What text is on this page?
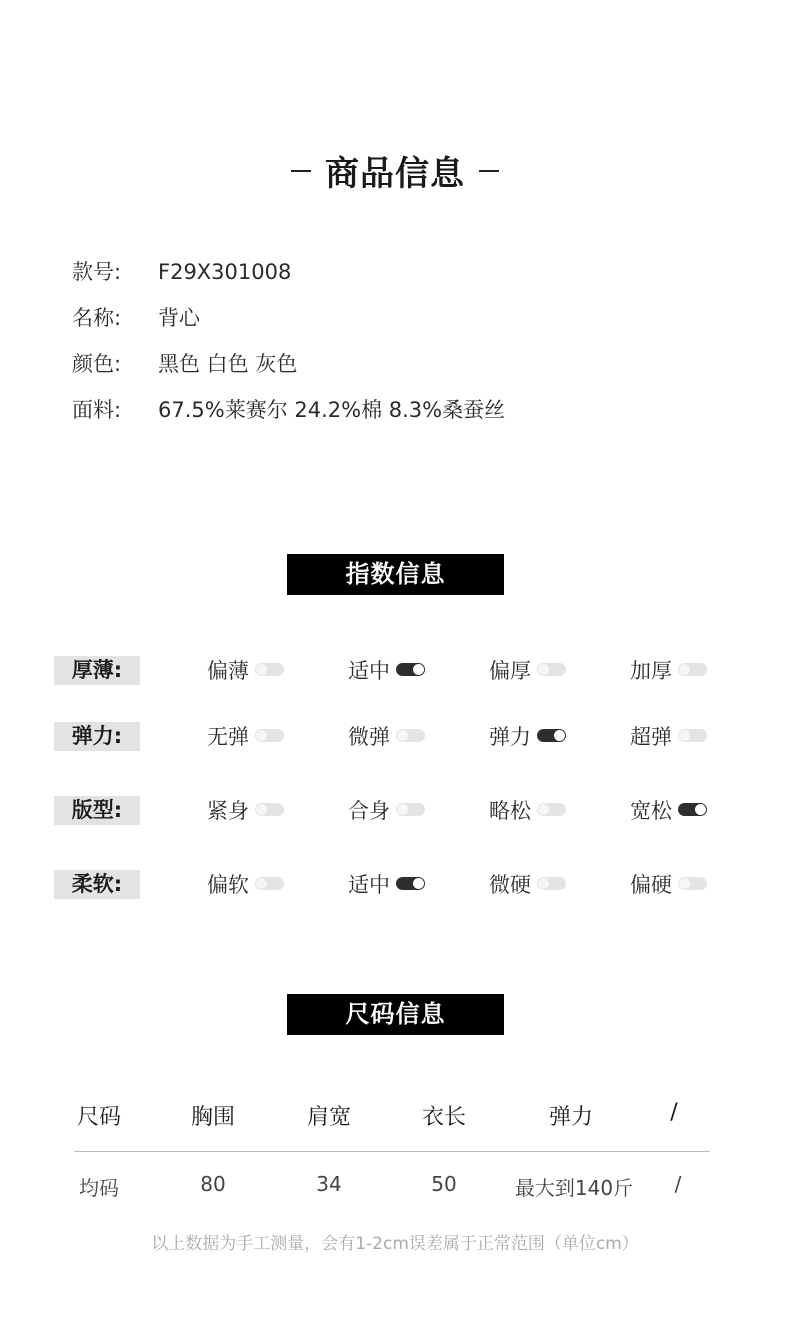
商品信息
款号: F29X301008
名称: 背心
颜色: 黑色 白色 灰色
面料: 67.5%莱赛尔 24.2%棉 8.3%桑蚕丝
指数信息
厚薄:	偏薄	适中	偏厚	加厚
弹力:	无弹	微弹	弹力	超弹
版型:	紧身	合身	略松	宽松
柔软:	偏软	适中	微硬	偏硬
尺码信息
尺码	胸围	肩宽	衣长	弹力	/
均码	80	34	50	最大到140斤	/
以上数据为手工测量，会有1-2cm误差属于正常范围（单位cm）
